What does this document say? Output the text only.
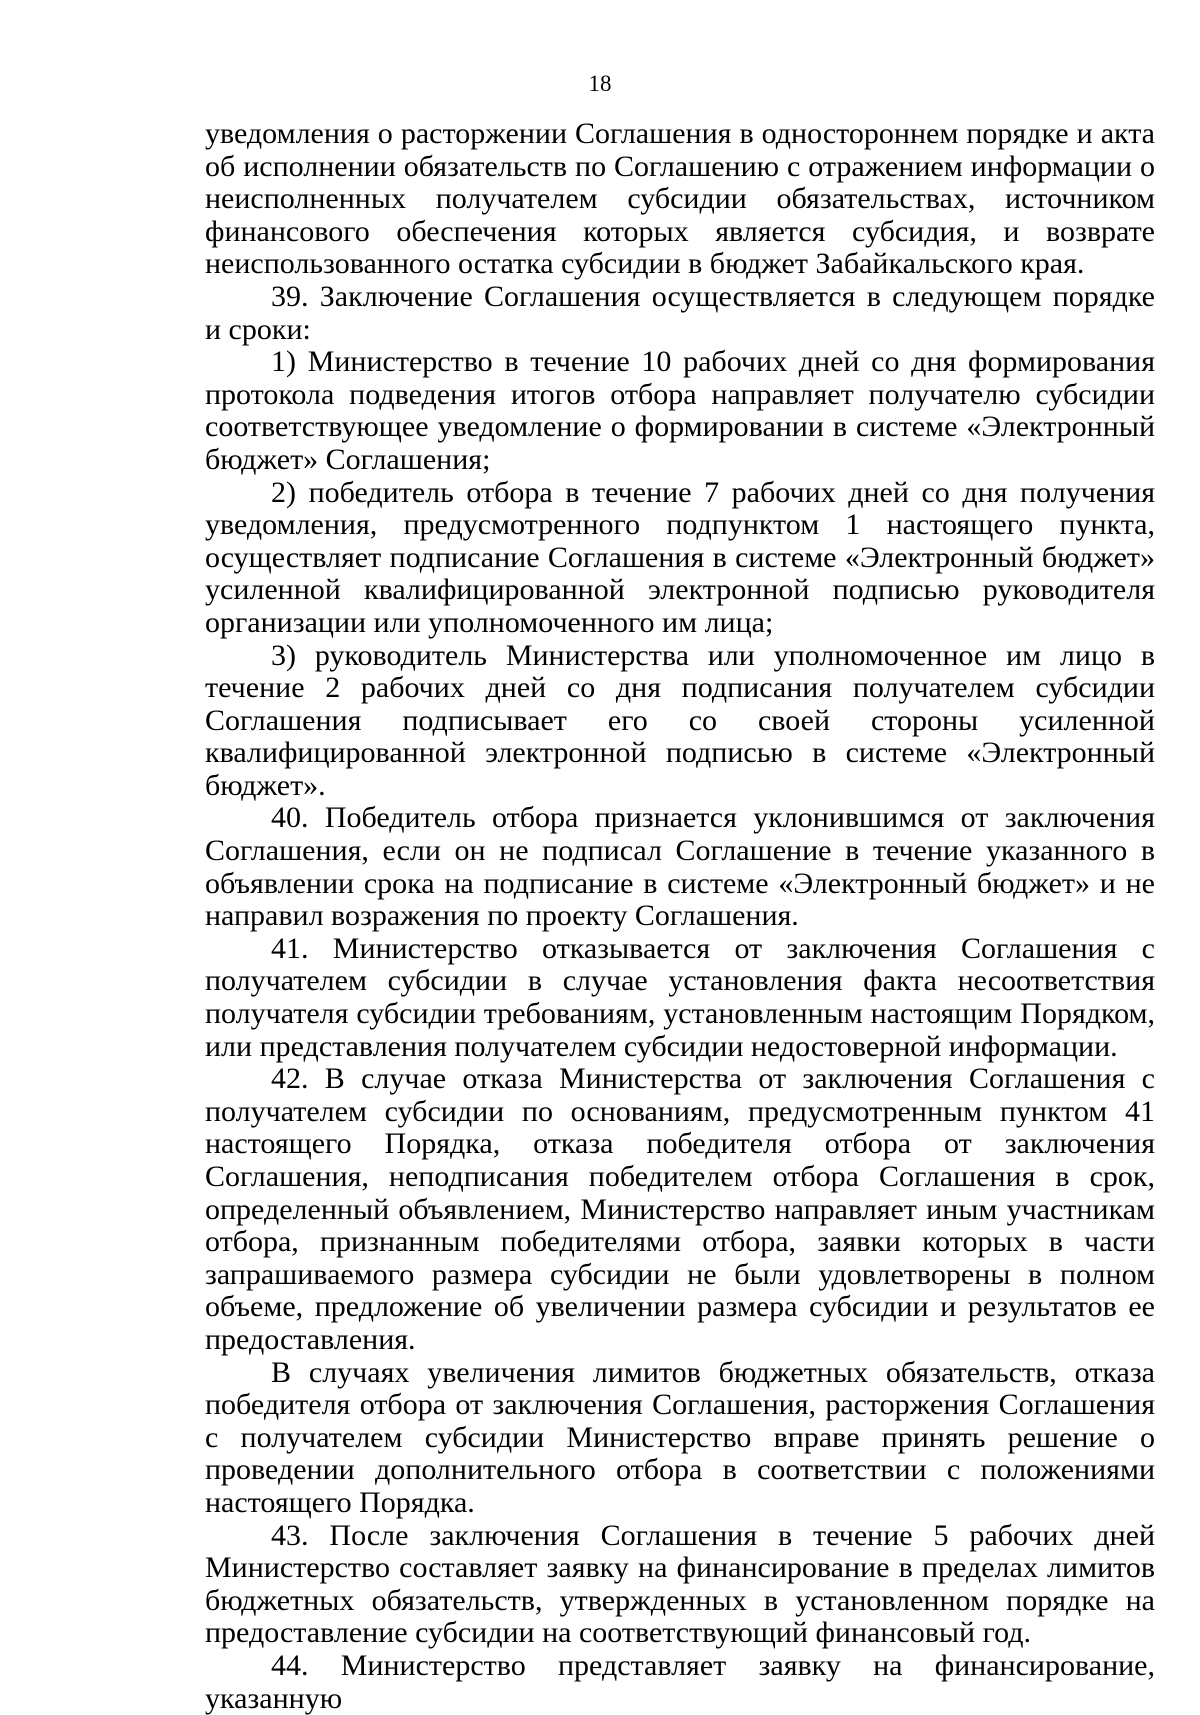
18

уведомления о расторжении Соглашения в одностороннем порядке и акта об исполнении обязательств по Соглашению с отражением информации о неисполненных получателем субсидии обязательствах, источником финансового обеспечения которых является субсидия, и возврате неиспользованного остатка субсидии в бюджет Забайкальского края.

39. Заключение Соглашения осуществляется в следующем порядке и сроки:

1) Министерство в течение 10 рабочих дней со дня формирования протокола подведения итогов отбора направляет получателю субсидии соответствующее уведомление о формировании в системе «Электронный бюджет» Соглашения;

2) победитель отбора в течение 7 рабочих дней со дня получения уведомления, предусмотренного подпунктом 1 настоящего пункта, осуществляет подписание Соглашения в системе «Электронный бюджет» усиленной квалифицированной электронной подписью руководителя организации или уполномоченного им лица;

3) руководитель Министерства или уполномоченное им лицо в течение 2 рабочих дней со дня подписания получателем субсидии Соглашения подписывает его со своей стороны усиленной квалифицированной электронной подписью в системе «Электронный бюджет».

40. Победитель отбора признается уклонившимся от заключения Соглашения, если он не подписал Соглашение в течение указанного в объявлении срока на подписание в системе «Электронный бюджет» и не направил возражения по проекту Соглашения.

41. Министерство отказывается от заключения Соглашения с получателем субсидии в случае установления факта несоответствия получателя субсидии требованиям, установленным настоящим Порядком, или представления получателем субсидии недостоверной информации.

42. В случае отказа Министерства от заключения Соглашения с получателем субсидии по основаниям, предусмотренным пунктом 41 настоящего Порядка, отказа победителя отбора от заключения Соглашения, неподписания победителем отбора Соглашения в срок, определенный объявлением, Министерство направляет иным участникам отбора, признанным победителями отбора, заявки которых в части запрашиваемого размера субсидии не были удовлетворены в полном объеме, предложение об увеличении размера субсидии и результатов ее предоставления.

В случаях увеличения лимитов бюджетных обязательств, отказа победителя отбора от заключения Соглашения, расторжения Соглашения с получателем субсидии Министерство вправе принять решение о проведении дополнительного отбора в соответствии с положениями настоящего Порядка.

43. После заключения Соглашения в течение 5 рабочих дней Министерство составляет заявку на финансирование в пределах лимитов бюджетных обязательств, утвержденных в установленном порядке на предоставление субсидии на соответствующий финансовый год.

44. Министерство представляет заявку на финансирование, указанную
